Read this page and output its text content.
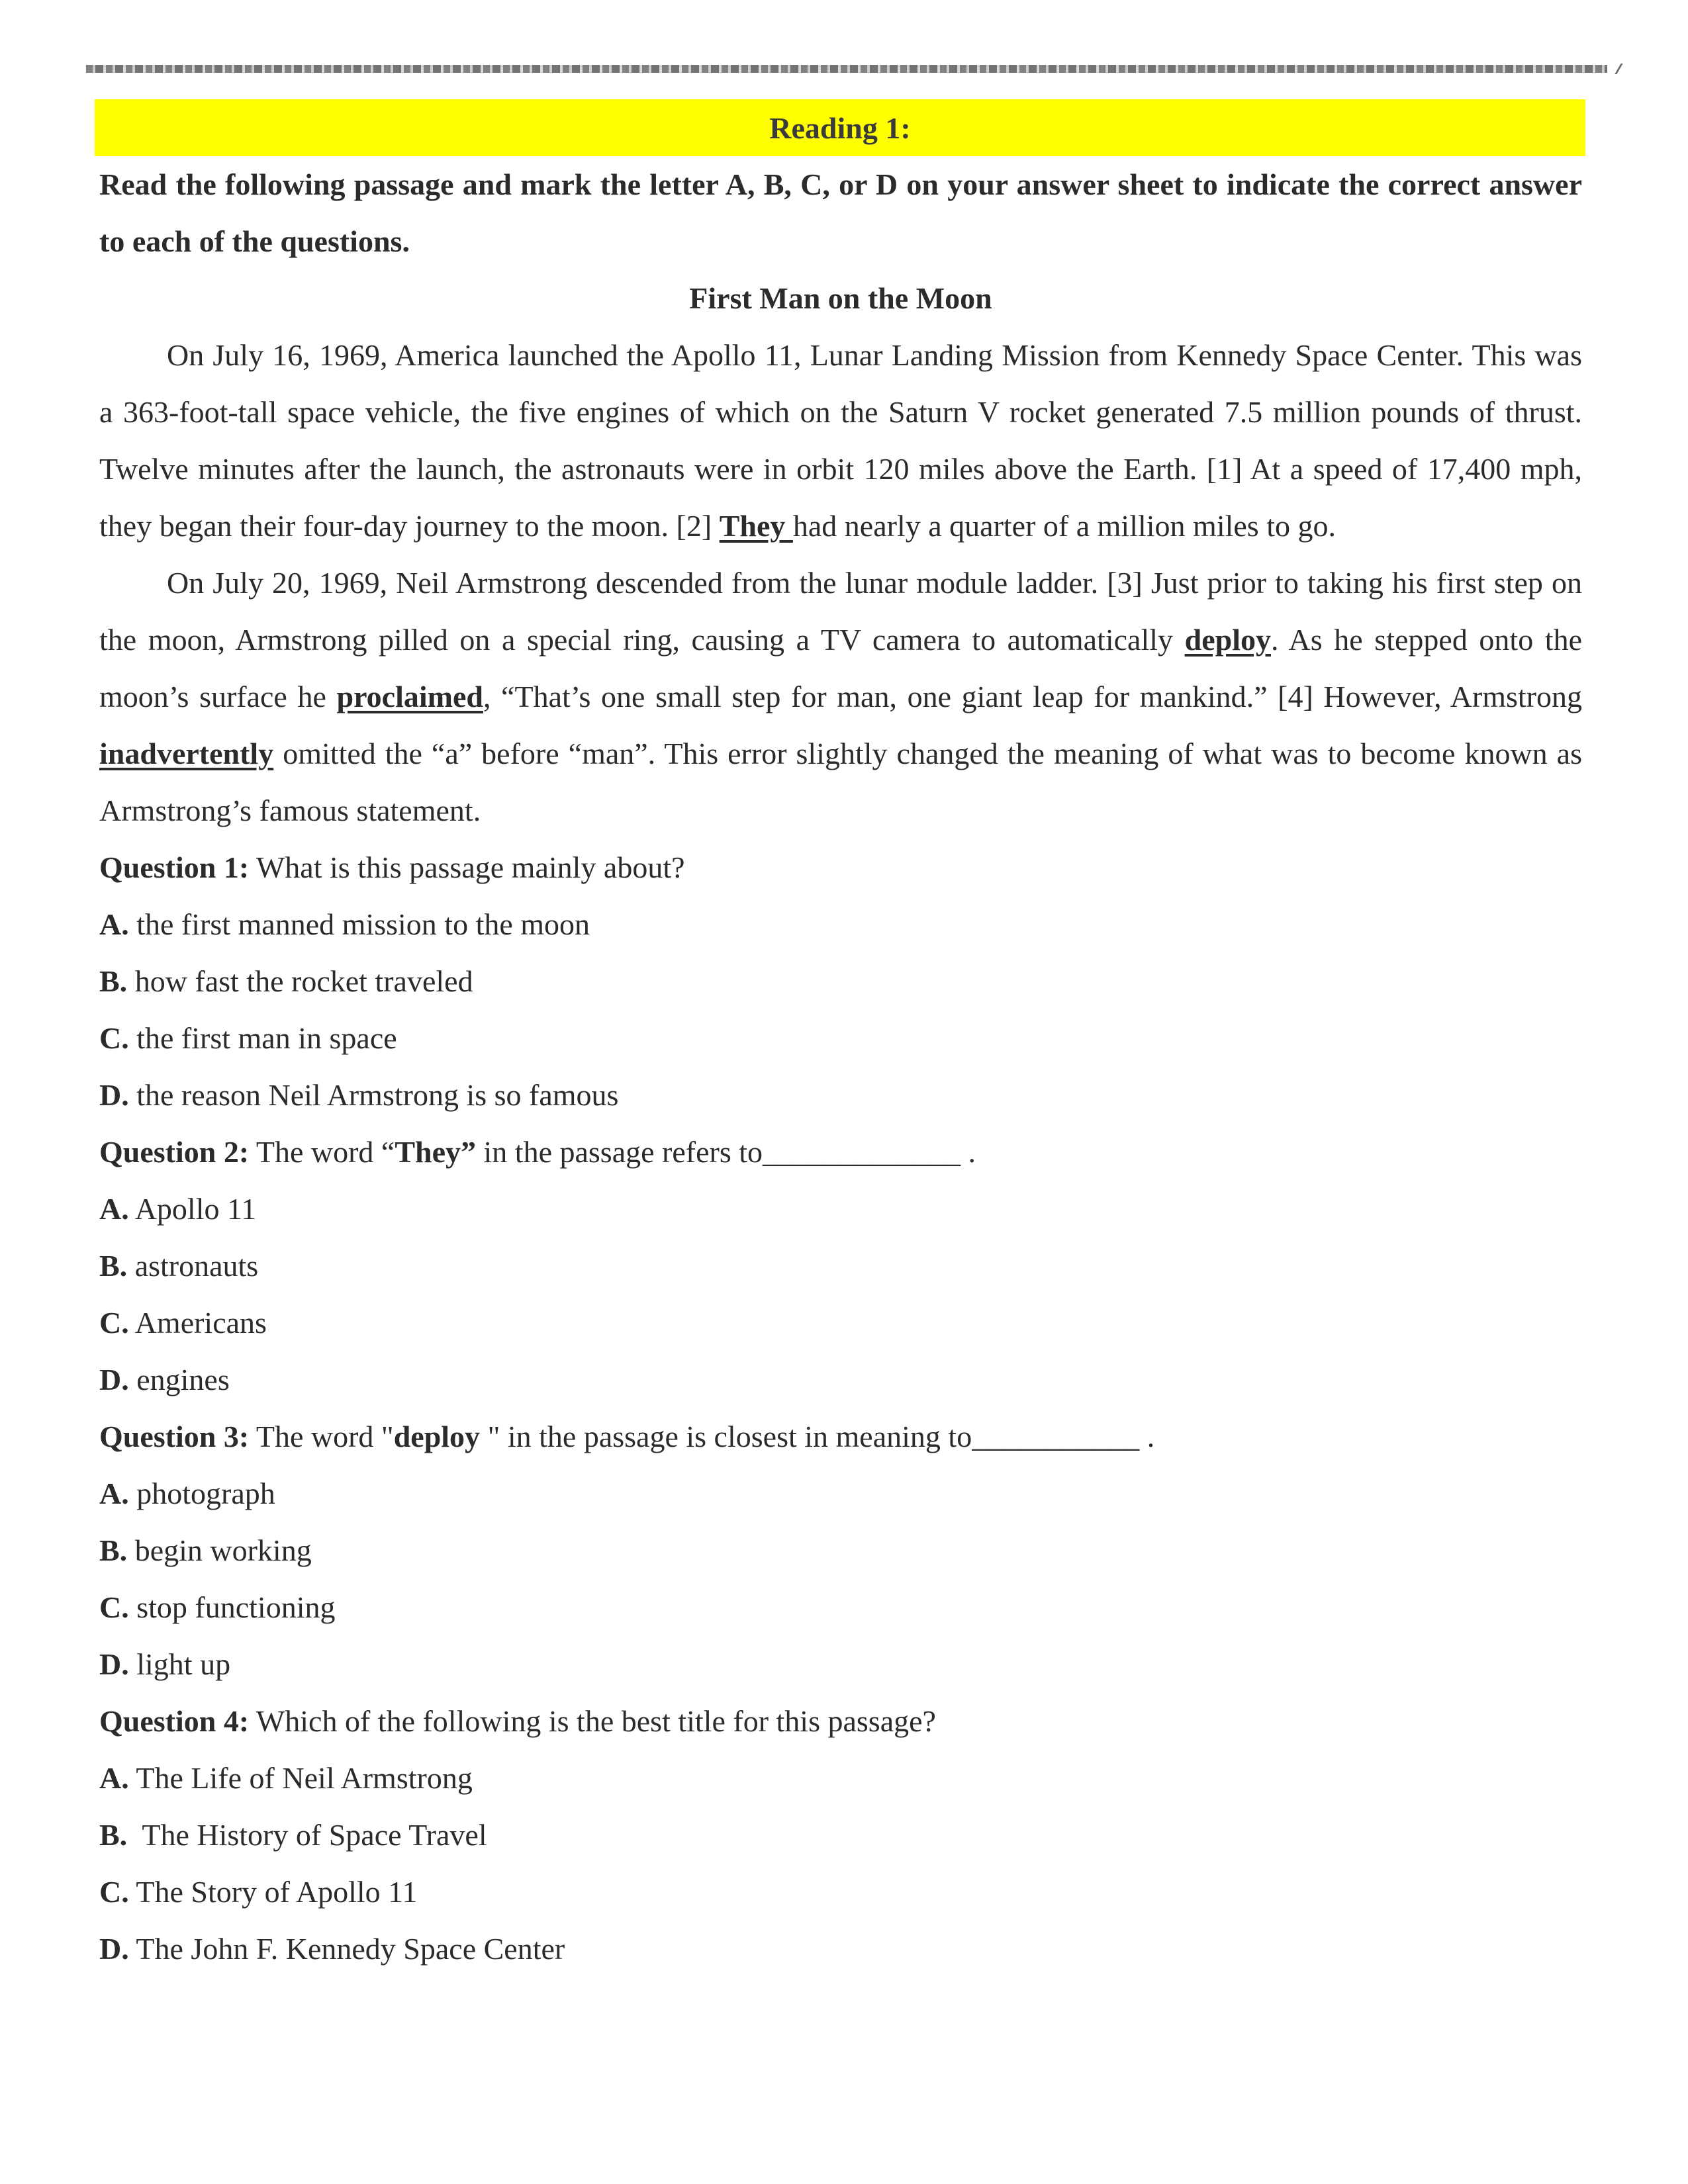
Reading 1:

Read the following passage and mark the letter A, B, C, or D on your answer sheet to indicate the correct answer to each of the questions.

First Man on the Moon

On July 16, 1969, America launched the Apollo 11, Lunar Landing Mission from Kennedy Space Center. This was a 363-foot-tall space vehicle, the five engines of which on the Saturn V rocket generated 7.5 million pounds of thrust. Twelve minutes after the launch, the astronauts were in orbit 120 miles above the Earth. [1] At a speed of 17,400 mph, they began their four-day journey to the moon. [2] They had nearly a quarter of a million miles to go.

On July 20, 1969, Neil Armstrong descended from the lunar module ladder. [3] Just prior to taking his first step on the moon, Armstrong pilled on a special ring, causing a TV camera to automatically deploy. As he stepped onto the moon’s surface he proclaimed, “That’s one small step for man, one giant leap for mankind.” [4] However, Armstrong inadvertently omitted the “a” before “man”. This error slightly changed the meaning of what was to become known as Armstrong’s famous statement.

Question 1: What is this passage mainly about?

A. the first manned mission to the moon

B. how fast the rocket traveled

C. the first man in space

D. the reason Neil Armstrong is so famous

Question 2: The word “They” in the passage refers to_____________ .

A. Apollo 11

B. astronauts

C. Americans

D. engines

Question 3: The word "deploy " in the passage is closest in meaning to___________ .

A. photograph

B. begin working

C. stop functioning

D. light up

Question 4: Which of the following is the best title for this passage?

A. The Life of Neil Armstrong

B.  The History of Space Travel

C. The Story of Apollo 11

D. The John F. Kennedy Space Center
